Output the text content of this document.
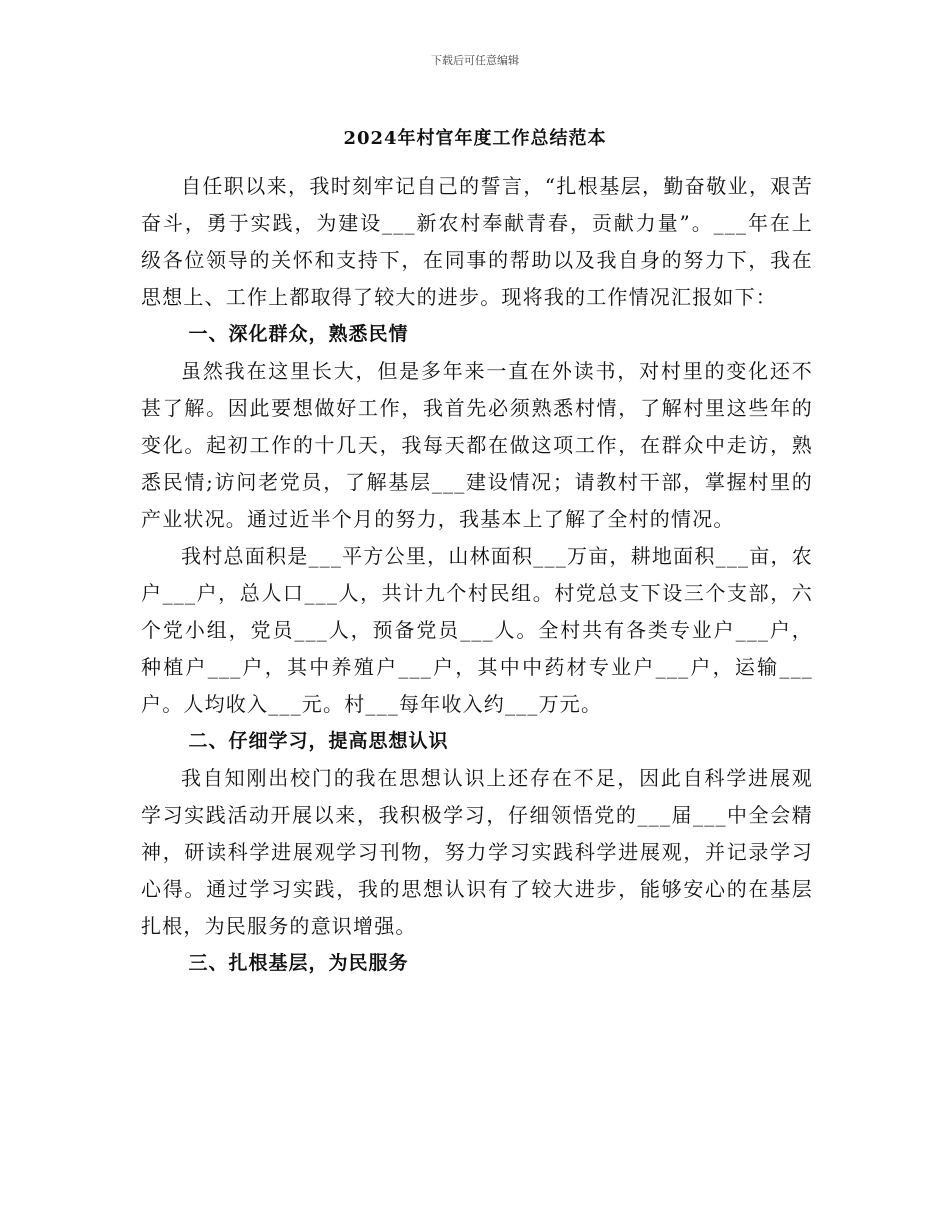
下载后可任意编辑
2024年村官年度工作总结范本

自任职以来，我时刻牢记自己的誓言，“扎根基层，勤奋敬业，艰苦奋斗，勇于实践，为建设___新农村奉献青春，贡献力量”。___年在上级各位领导的关怀和支持下，在同事的帮助以及我自身的努力下，我在思想上、工作上都取得了较大的进步。现将我的工作情况汇报如下：

一、深化群众，熟悉民情

虽然我在这里长大，但是多年来一直在外读书，对村里的变化还不甚了解。因此要想做好工作，我首先必须熟悉村情，了解村里这些年的变化。起初工作的十几天，我每天都在做这项工作，在群众中走访，熟悉民情;访问老党员，了解基层___建设情况；请教村干部，掌握村里的产业状况。通过近半个月的努力，我基本上了解了全村的情况。

我村总面积是___平方公里，山林面积___万亩，耕地面积___亩，农户___户，总人口___人，共计九个村民组。村党总支下设三个支部，六个党小组，党员___人，预备党员___人。全村共有各类专业户___户，种植户___户，其中养殖户___户，其中中药材专业户___户，运输___户。人均收入___元。村___每年收入约___万元。

二、仔细学习，提高思想认识

我自知刚出校门的我在思想认识上还存在不足，因此自科学进展观学习实践活动开展以来，我积极学习，仔细领悟党的___届___中全会精神，研读科学进展观学习刊物，努力学习实践科学进展观，并记录学习心得。通过学习实践，我的思想认识有了较大进步，能够安心的在基层扎根，为民服务的意识增强。

三、扎根基层，为民服务
